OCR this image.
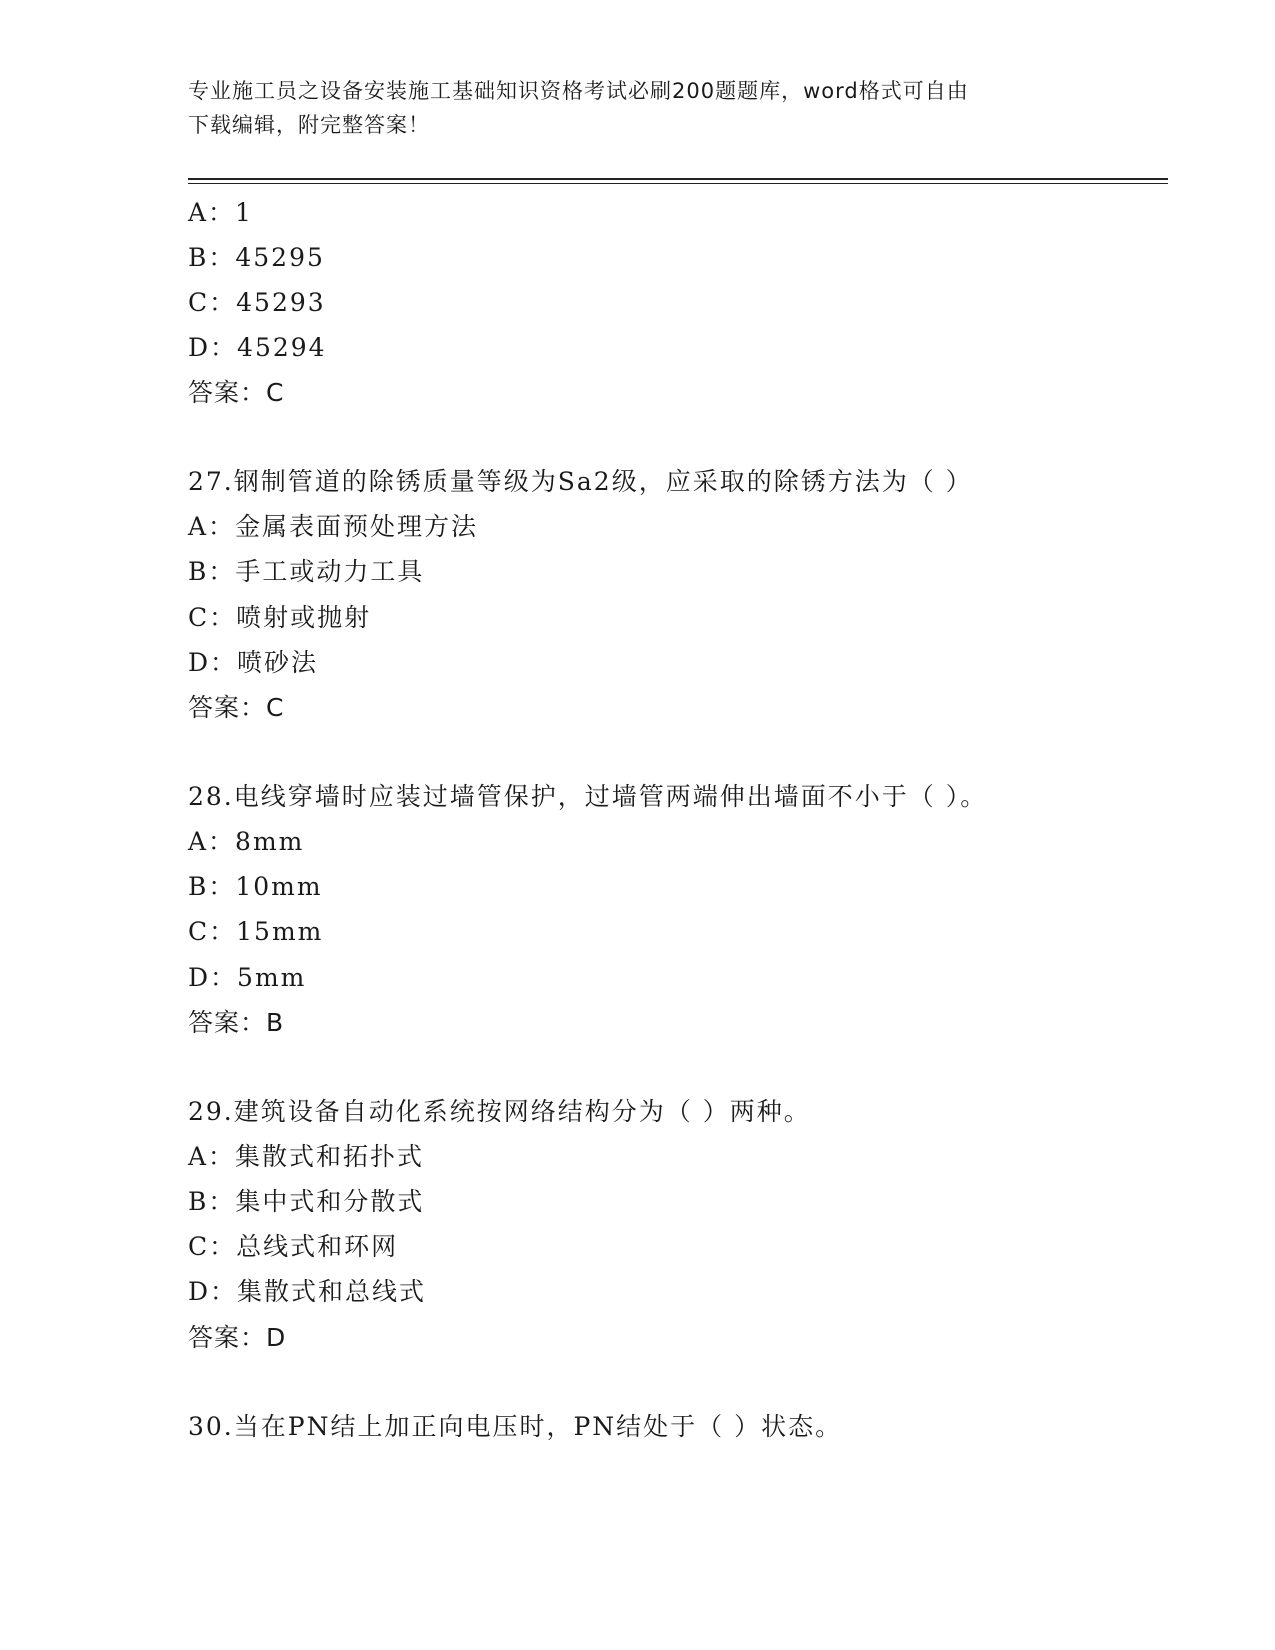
专业施工员之设备安装施工基础知识资格考试必刷200题题库，word格式可自由
下载编辑，附完整答案！
A：1
B：45295
C：45293
D：45294
答案：C
27.钢制管道的除锈质量等级为Sa2级，应采取的除锈方法为（ ）
A：金属表面预处理方法
B：手工或动力工具
C：喷射或抛射
D：喷砂法
答案：C
28.电线穿墙时应装过墙管保护，过墙管两端伸出墙面不小于（ ）。
A：8mm
B：10mm
C：15mm
D：5mm
答案：B
29.建筑设备自动化系统按网络结构分为（ ）两种。
A：集散式和拓扑式
B：集中式和分散式
C：总线式和环网
D：集散式和总线式
答案：D
30.当在PN结上加正向电压时，PN结处于（ ）状态。
